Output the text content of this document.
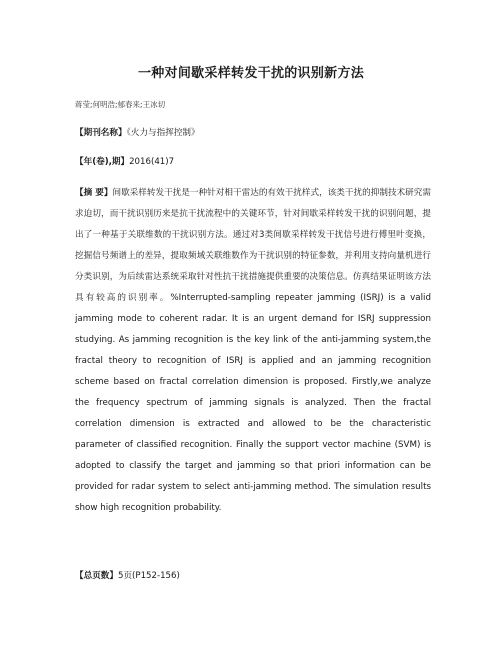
一种对间歇采样转发干扰的识别新方法
蒋莹;何明浩;郁春来;王冰切
【期刊名称】《火力与指挥控制》
【年(卷),期】2016(41)7
【摘 要】间歇采样转发干扰是一种针对相干雷达的有效干扰样式，该类干扰的抑制技术研究需求迫切，而干扰识别历来是抗干扰流程中的关键环节，针对间歇采样转发干扰的识别问题，提出了一种基于关联维数的干扰识别方法。通过对3类间歇采样转发干扰信号进行傅里叶变换，挖掘信号频谱上的差异，提取频域关联维数作为干扰识别的特征参数，并利用支持向量机进行分类识别，为后续雷达系统采取针对性抗干扰措施提供重要的决策信息。仿真结果证明该方法具有较高的识别率。%Interrupted-sampling repeater jamming (ISRJ) is a valid jamming mode to coherent radar. It is an urgent demand for ISRJ suppression studying. As jamming recognition is the key link of the anti-jamming system,the fractal theory to recognition of ISRJ is applied and an jamming recognition scheme based on fractal correlation dimension is proposed. Firstly,we analyze the frequency spectrum of jamming signals is analyzed. Then the fractal correlation dimension is extracted and allowed to be the characteristic parameter of classified recognition. Finally the support vector machine (SVM) is adopted to classify the target and jamming so that priori information can be provided for radar system to select anti-jamming method. The simulation results show high recognition probability.
【总页数】5页(P152-156)
